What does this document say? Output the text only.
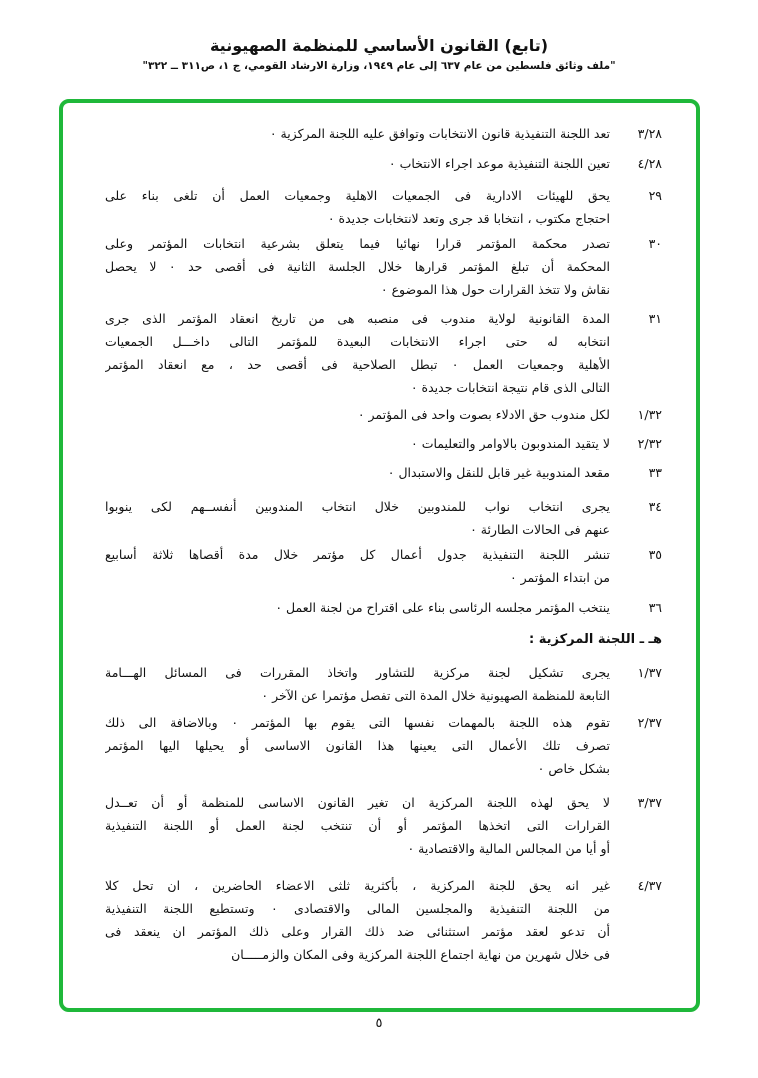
(تابع) القانون الأساسي للمنظمة الصهيونية
"ملف وثائق فلسطين من عام ٦٣٧ إلى عام ١٩٤٩، وزارة الارشاد القومي، ج ١، ص٣١١ ــ ٣٢٢"
٣/٢٨
تعد اللجنة التنفيذية قانون الانتخابات وتوافق عليه اللجنة المركزية ٠
٤/٢٨
تعين اللجنة التنفيذية موعد اجراء الانتخاب ٠
٢٩
يحق للهيئات الادارية فى الجمعيات الاهلية وجمعيات العمل أن تلغى بناء على
احتجاج مكتوب ، انتخابا قد جرى وتعد لانتخابات جديدة ٠
٣٠
تصدر محكمة المؤتمر قرارا نهائيا فيما يتعلق بشرعية انتخابات المؤتمر وعلى
المحكمة أن تبلغ المؤتمر قرارها خلال الجلسة الثانية فى أقصى حد ٠ لا يحصل
نقاش ولا تتخذ القرارات حول هذا الموضوع ٠
٣١
المدة القانونية لولاية مندوب فى منصبه هى من تاريخ انعقاد المؤتمر الذى جرى
انتخابه له حتى اجراء الانتخابات البعيدة للمؤتمر التالى داخـــل الجمعيات
الأهلية وجمعيات العمل ٠ تبطل الصلاحية فى أقصى حد ، مع انعقاد المؤتمر
التالى الذى قام نتيجة انتخابات جديدة ٠
١/٣٢
لكل مندوب حق الادلاء بصوت واحد فى المؤتمر ٠
٢/٣٢
لا يتقيد المندوبون بالاوامر والتعليمات ٠
٣٣
مقعد المندوبية غير قابل للنقل والاستبدال ٠
٣٤
يجرى انتخاب نواب للمندوبين خلال انتخاب المندوبين أنفســهم لكى ينوبوا
عنهم فى الحالات الطارئة ٠
٣٥
تنشر اللجنة التنفيذية جدول أعمال كل مؤتمر خلال مدة أقصاها ثلاثة أسابيع
من ابتداء المؤتمر ٠
٣٦
ينتخب المؤتمر مجلسه الرئاسى بناء على اقتراح من لجنة العمل ٠
١/٣٧
يجرى تشكيل لجنة مركزية للتشاور واتخاذ المقررات فى المسائل الهـــامة
التابعة للمنظمة الصهيونية خلال المدة التى تفصل مؤتمرا عن الآخر ٠
٢/٣٧
تقوم هذه اللجنة بالمهمات نفسها التى يقوم بها المؤتمر ٠ وبالاضافة الى ذلك
تصرف تلك الأعمال التى يعينها هذا القانون الاساسى أو يحيلها اليها المؤتمر
بشكل خاص ٠
٣/٣٧
لا يحق لهذه اللجنة المركزية ان تغير القانون الاساسى للمنظمة أو أن تعــدل
القرارات التى اتخذها المؤتمر أو أن تنتخب لجنة العمل أو اللجنة التنفيذية
أو أيا من المجالس المالية والاقتصادية ٠
٤/٣٧
غير انه يحق للجنة المركزية ، بأكثرية ثلثى الاعضاء الحاضرين ، ان تحل كلا
من اللجنة التنفيذية والمجلسين المالى والاقتصادى ٠ وتستطيع اللجنة التنفيذية
أن تدعو لعقد مؤتمر استثنائى ضد ذلك القرار وعلى ذلك المؤتمر ان ينعقد فى
فى خلال شهرين من نهاية اجتماع اللجنة المركزية وفى المكان والزمـــــان
هـ ـ اللجنة المركزية :
٥
